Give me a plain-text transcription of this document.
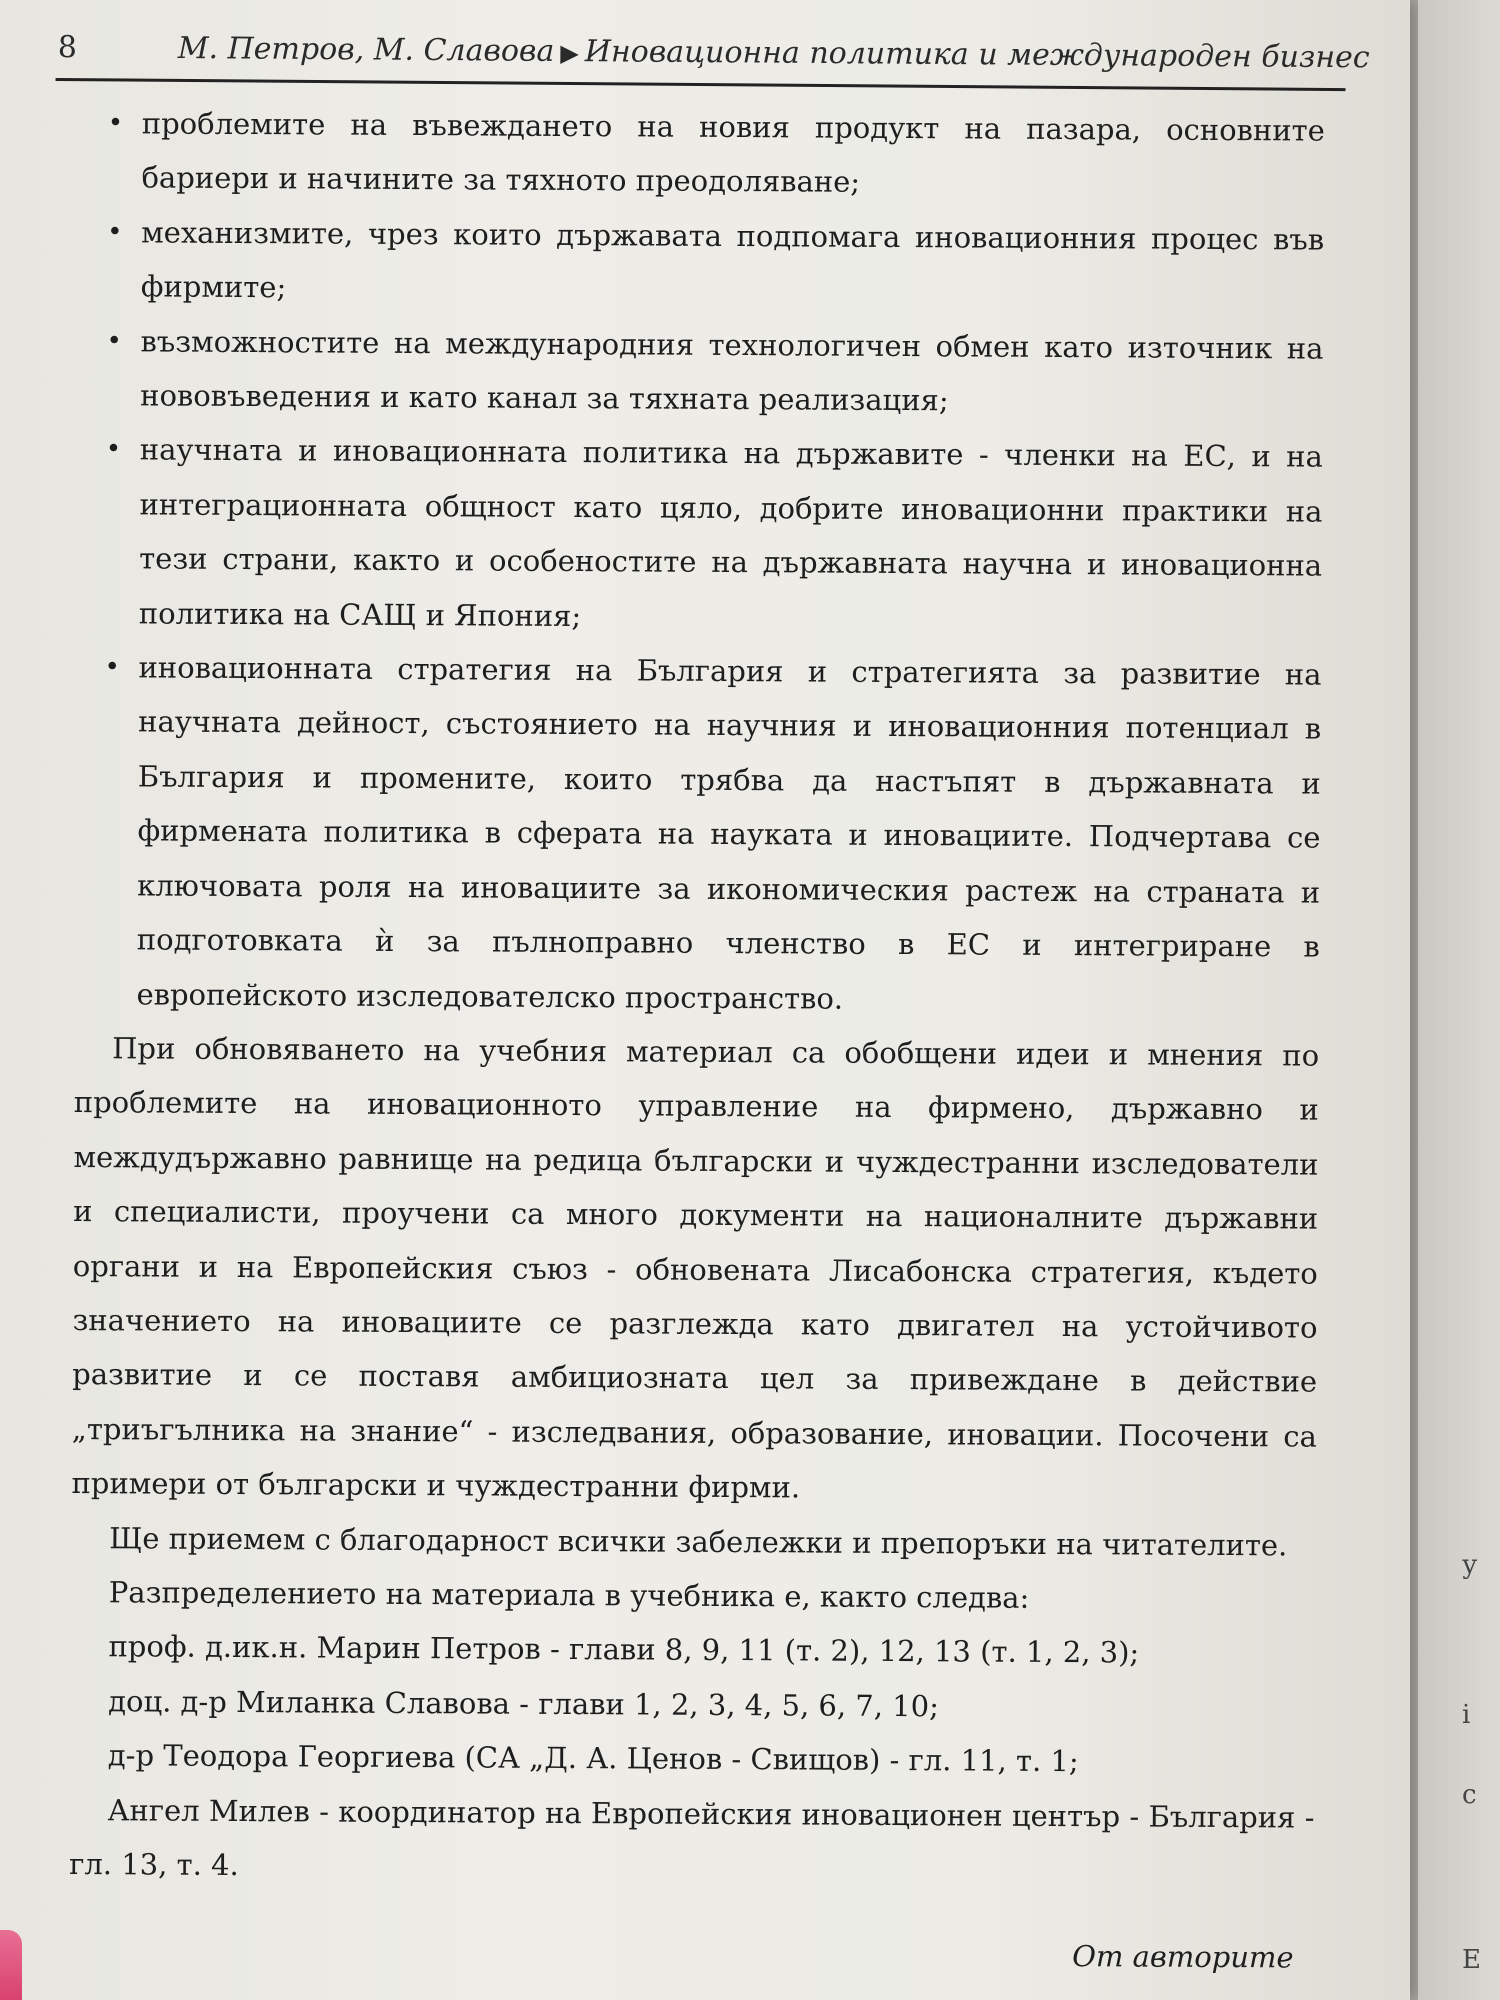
8	М. Петров, М. Славова ▶ Иновационна политика и международен бизнес
• проблемите на въвеждането на новия продукт на пазара, основните бариери и начините за тяхното преодоляване;
• механизмите, чрез които държавата подпомага иновационния процес във фирмите;
• възможностите на международния технологичен обмен като източник на нововъведения и като канал за тяхната реализация;
• научната и иновационната политика на държавите - членки на ЕС, и на интеграционната общност като цяло, добрите иновационни практики на тези страни, както и особеностите на държавната научна и иновационна политика на САЩ и Япония;
• иновационната стратегия на България и стратегията за развитие на научната дейност, състоянието на научния и иновационния потенциал в България и промените, които трябва да настъпят в държавната и фирмената политика в сферата на науката и иновациите. Подчертава се ключовата роля на иновациите за икономическия растеж на страната и подготовката ѝ за пълноправно членство в ЕС и интегриране в европейското изследователско пространство.

При обновяването на учебния материал са обобщени идеи и мнения по проблемите на иновационното управление на фирмено, държавно и междудържавно равнище на редица български и чуждестранни изследователи и специалисти, проучени са много документи на националните държавни органи и на Европейския съюз - обновената Лисабонска стратегия, където значението на иновациите се разглежда като двигател на устойчивото развитие и се поставя амбициозната цел за привеждане в действие „триъгълника на знание“ - изследвания, образование, иновации. Посочени са примери от български и чуждестранни фирми.

Ще приемем с благодарност всички забележки и препоръки на читателите.

Разпределението на материала в учебника е, както следва:

проф. д.ик.н. Марин Петров - глави 8, 9, 11 (т. 2), 12, 13 (т. 1, 2, 3);

доц. д-р Миланка Славова - глави 1, 2, 3, 4, 5, 6, 7, 10;

д-р Теодора Георгиева (СА „Д. А. Ценов - Свищов) - гл. 11, т. 1;

Ангел Милев - координатор на Европейския иновационен център - България - гл. 13, т. 4.

От авторите
у
і
с
Е
